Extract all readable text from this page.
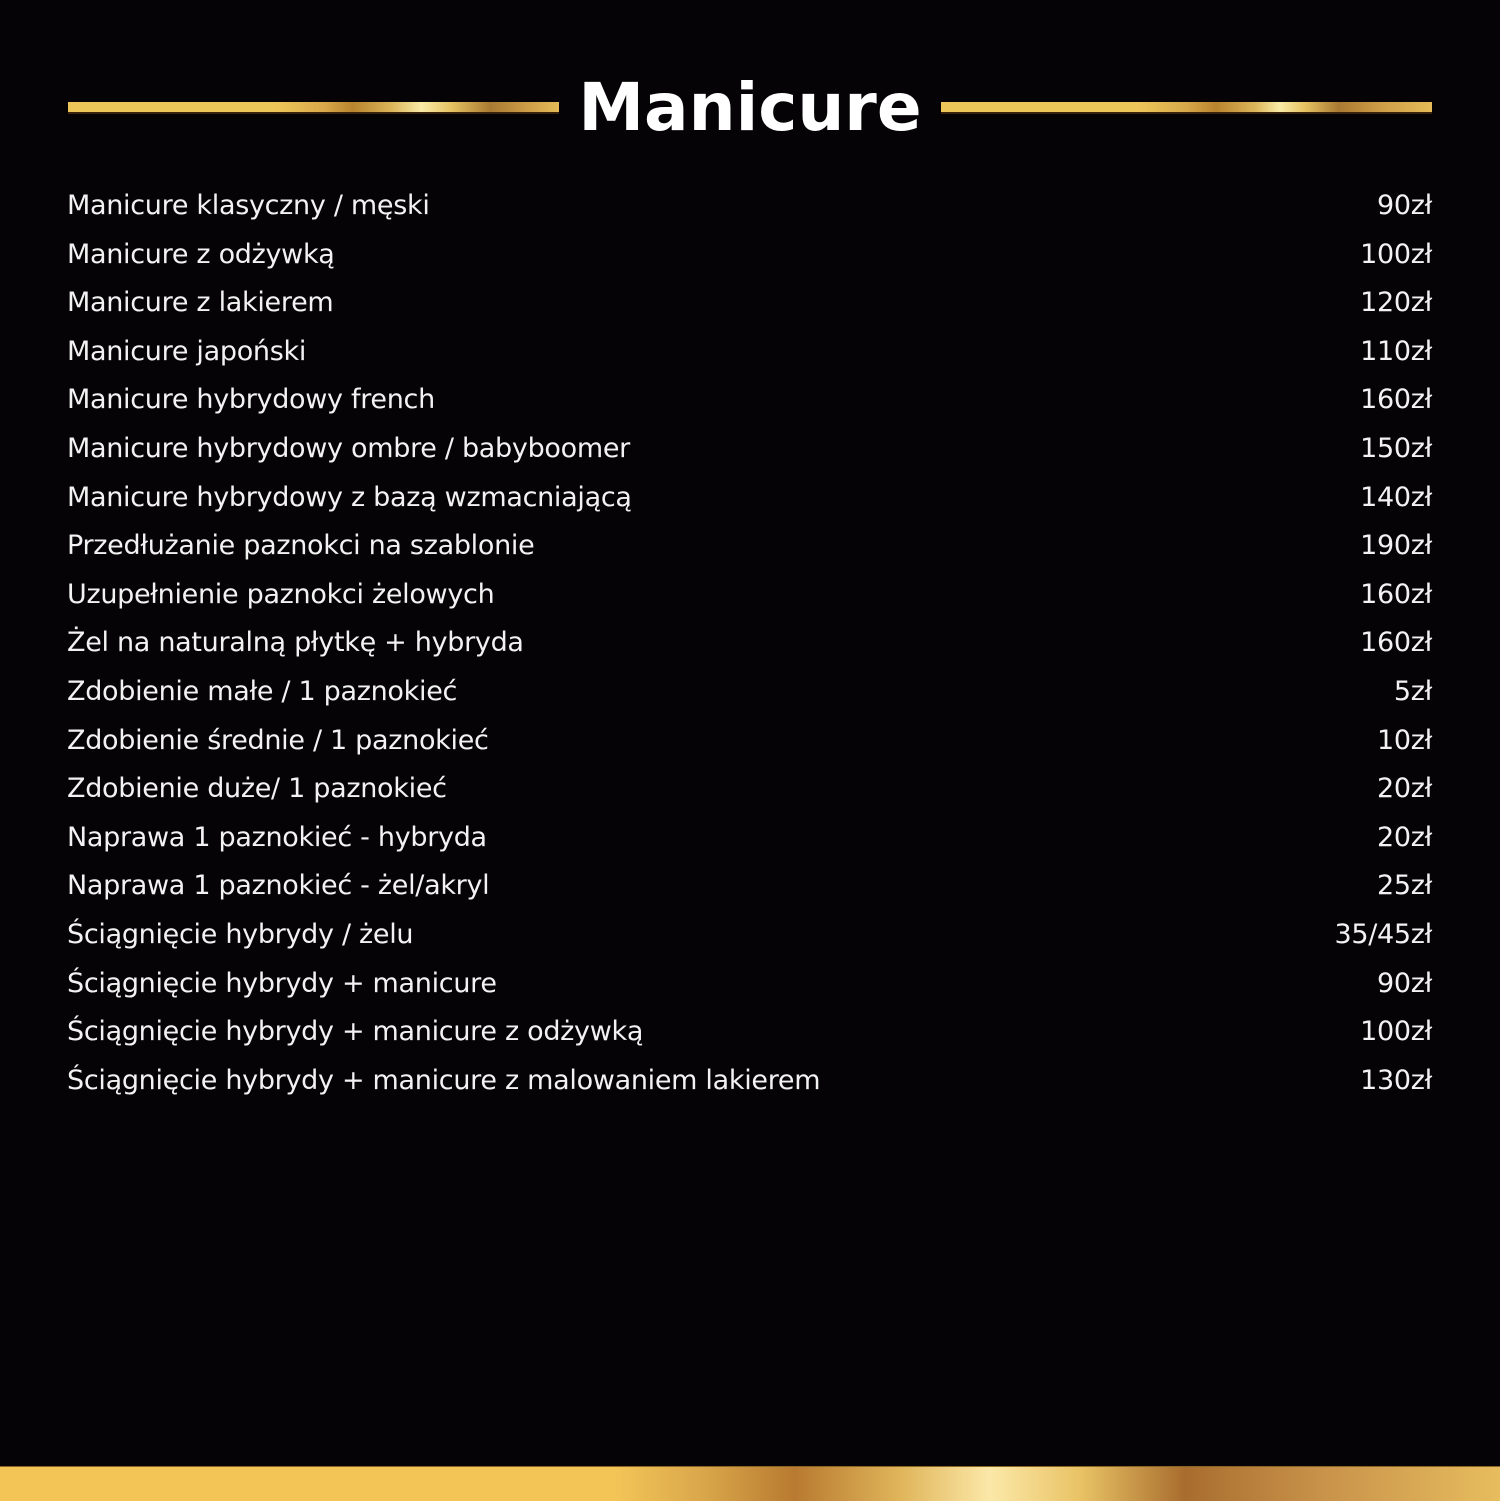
Manicure
Manicure klasyczny / męski	90zł
Manicure z odżywką	100zł
Manicure z lakierem	120zł
Manicure japoński	110zł
Manicure hybrydowy french	160zł
Manicure hybrydowy ombre / babyboomer	150zł
Manicure hybrydowy z bazą wzmacniającą	140zł
Przedłużanie paznokci na szablonie	190zł
Uzupełnienie paznokci żelowych	160zł
Żel na naturalną płytkę + hybryda	160zł
Zdobienie małe / 1 paznokieć	5zł
Zdobienie średnie / 1 paznokieć	10zł
Zdobienie duże/ 1 paznokieć	20zł
Naprawa 1 paznokieć - hybryda	20zł
Naprawa 1 paznokieć - żel/akryl	25zł
Ściągnięcie hybrydy / żelu	35/45zł
Ściągnięcie hybrydy + manicure	90zł
Ściągnięcie hybrydy + manicure z odżywką	100zł
Ściągnięcie hybrydy + manicure z malowaniem lakierem	130zł
